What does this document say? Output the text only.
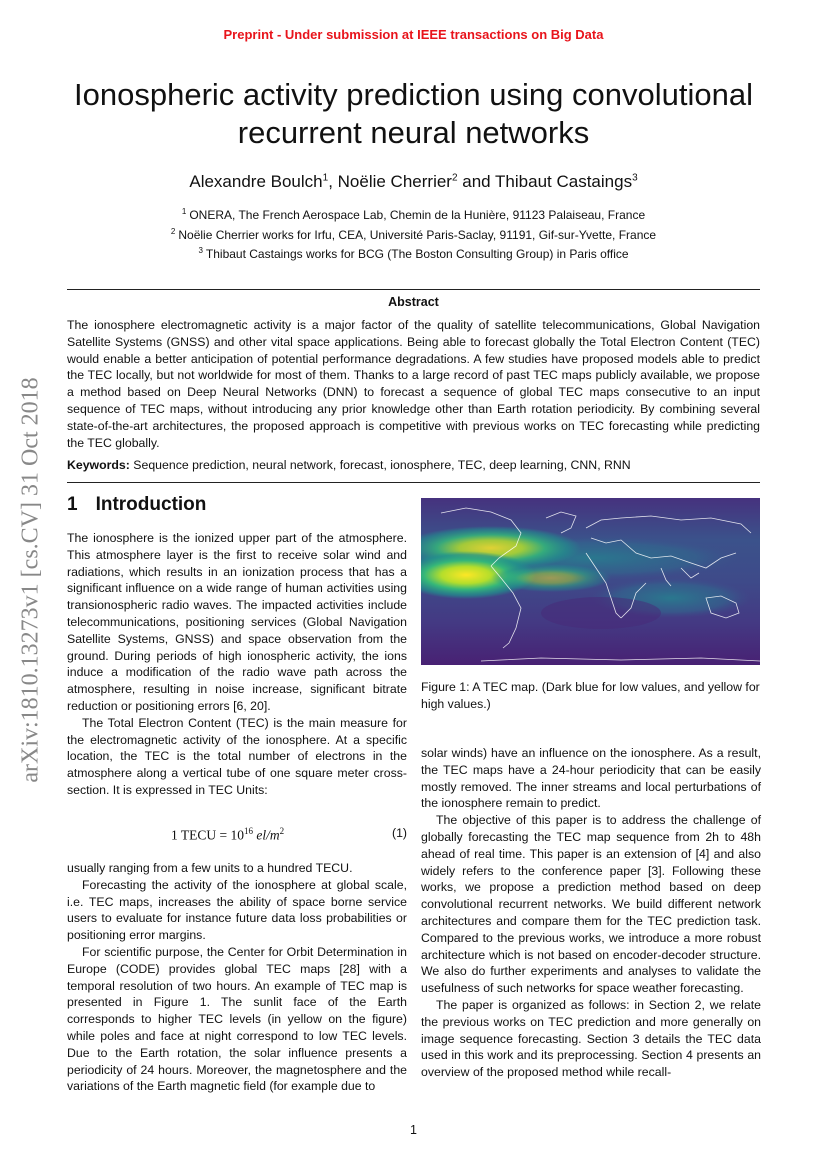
Preprint - Under submission at IEEE transactions on Big Data
Ionospheric activity prediction using convolutional
recurrent neural networks
Alexandre Boulch$^1$, Noëlie Cherrier$^2$ and Thibaut Castaings$^3$
$^1$ ONERA, The French Aerospace Lab, Chemin de la Hunière, 91123 Palaiseau, France
$^2$ Noëlie Cherrier works for Irfu, CEA, Université Paris-Saclay, 91191, Gif-sur-Yvette, France
$^3$ Thibaut Castaings works for BCG (The Boston Consulting Group) in Paris office
Abstract
The ionosphere electromagnetic activity is a major factor of the quality of satellite telecommunications, Global Navigation Satellite Systems (GNSS) and other vital space applications. Being able to forecast globally the Total Electron Content (TEC) would enable a better anticipation of potential performance degradations. A few studies have proposed models able to predict the TEC locally, but not worldwide for most of them. Thanks to a large record of past TEC maps publicly available, we propose a method based on Deep Neural Networks (DNN) to forecast a sequence of global TEC maps consecutive to an input sequence of TEC maps, without introducing any prior knowledge other than Earth rotation periodicity. By combining several state-of-the-art architectures, the proposed approach is competitive with previous works on TEC forecasting while predicting the TEC globally.
Keywords: Sequence prediction, neural network, forecast, ionosphere, TEC, deep learning, CNN, RNN
1 Introduction

The ionosphere is the ionized upper part of the atmosphere. This atmosphere layer is the first to receive solar wind and radiations, which results in an ionization process that has a significant influence on a wide range of human activities using transionospheric radio waves. The impacted activities include telecommunications, positioning services (Global Navigation Satellite Systems, GNSS) and space observation from the ground. During periods of high ionospheric activity, the ions induce a modification of the radio wave path across the atmosphere, resulting in noise increase, significant bitrate reduction or positioning errors [6, 20].

The Total Electron Content (TEC) is the main measure for the electromagnetic activity of the ionosphere. At a specific location, the TEC is the total number of electrons in the atmosphere along a vertical tube of one square meter cross-section. It is expressed in TEC Units:

1 TECU = $10^{16}$ $el/m^2$	(1)

usually ranging from a few units to a hundred TECU.

Forecasting the activity of the ionosphere at global scale, i.e. TEC maps, increases the ability of space borne service users to evaluate for instance future data loss probabilities or positioning error margins.

For scientific purpose, the Center for Orbit Determination in Europe (CODE) provides global TEC maps [28] with a temporal resolution of two hours. An example of TEC map is presented in Figure 1. The sunlit face of the Earth corresponds to higher TEC levels (in yellow on the figure) while poles and face at night correspond to low TEC levels. Due to the Earth rotation, the solar influence presents a periodicity of 24 hours. Moreover, the magnetosphere and the variations of the Earth magnetic field (for example due to

Figure 1: A TEC map. (Dark blue for low values, and yellow for high values.)

solar winds) have an influence on the ionosphere. As a result, the TEC maps have a 24-hour periodicity that can be easily mostly removed. The inner streams and local perturbations of the ionosphere remain to predict.

The objective of this paper is to address the challenge of globally forecasting the TEC map sequence from 2h to 48h ahead of real time. This paper is an extension of [4] and also widely refers to the conference paper [3]. Following these works, we propose a prediction method based on deep convolutional recurrent networks. We build different network architectures and compare them for the TEC prediction task. Compared to the previous works, we introduce a more robust architecture which is not based on encoder-decoder structure. We also do further experiments and analyses to validate the usefulness of such networks for space weather forecasting.

The paper is organized as follows: in Section 2, we relate the previous works on TEC prediction and more generally on image sequence forecasting. Section 3 details the TEC data used in this work and its preprocessing. Section 4 presents an overview of the proposed method while recall-

arXiv:1810.13273v1 [cs.CV] 31 Oct 2018
1
